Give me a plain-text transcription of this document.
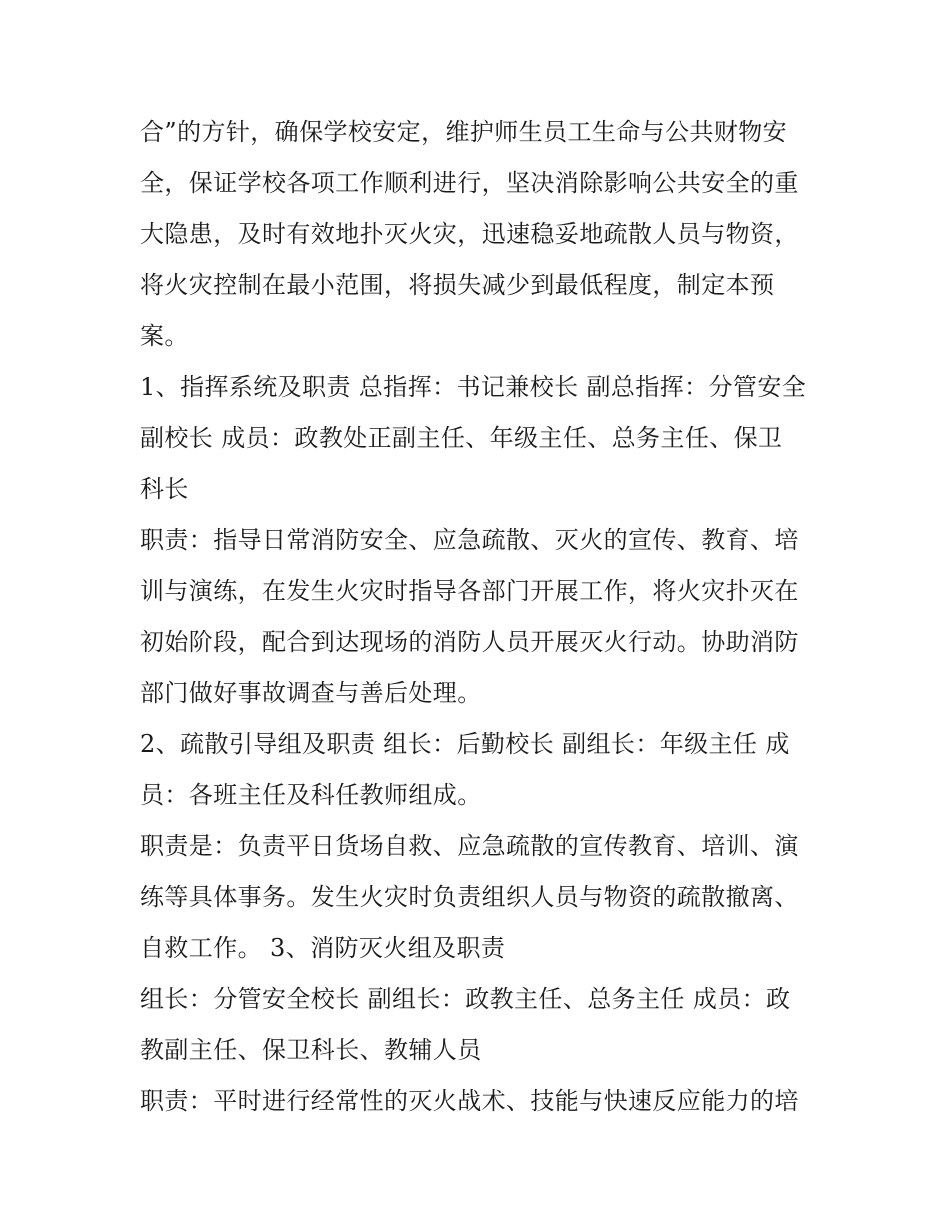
合”的方针，确保学校安定，维护师生员工生命与公共财物安
全，保证学校各项工作顺利进行，坚决消除影响公共安全的重
大隐患，及时有效地扑灭火灾，迅速稳妥地疏散人员与物资，
将火灾控制在最小范围，将损失减少到最低程度，制定本预
案。
1、指挥系统及职责 总指挥：书记兼校长 副总指挥：分管安全
副校长 成员：政教处正副主任、年级主任、总务主任、保卫
科长
职责：指导日常消防安全、应急疏散、灭火的宣传、教育、培
训与演练，在发生火灾时指导各部门开展工作，将火灾扑灭在
初始阶段，配合到达现场的消防人员开展灭火行动。协助消防
部门做好事故调查与善后处理。
2、疏散引导组及职责 组长：后勤校长 副组长：年级主任 成
员：各班主任及科任教师组成。
职责是：负责平日货场自救、应急疏散的宣传教育、培训、演
练等具体事务。发生火灾时负责组织人员与物资的疏散撤离、
自救工作。 3、消防灭火组及职责
组长：分管安全校长 副组长：政教主任、总务主任 成员：政
教副主任、保卫科长、教辅人员
职责：平时进行经常性的灭火战术、技能与快速反应能力的培
